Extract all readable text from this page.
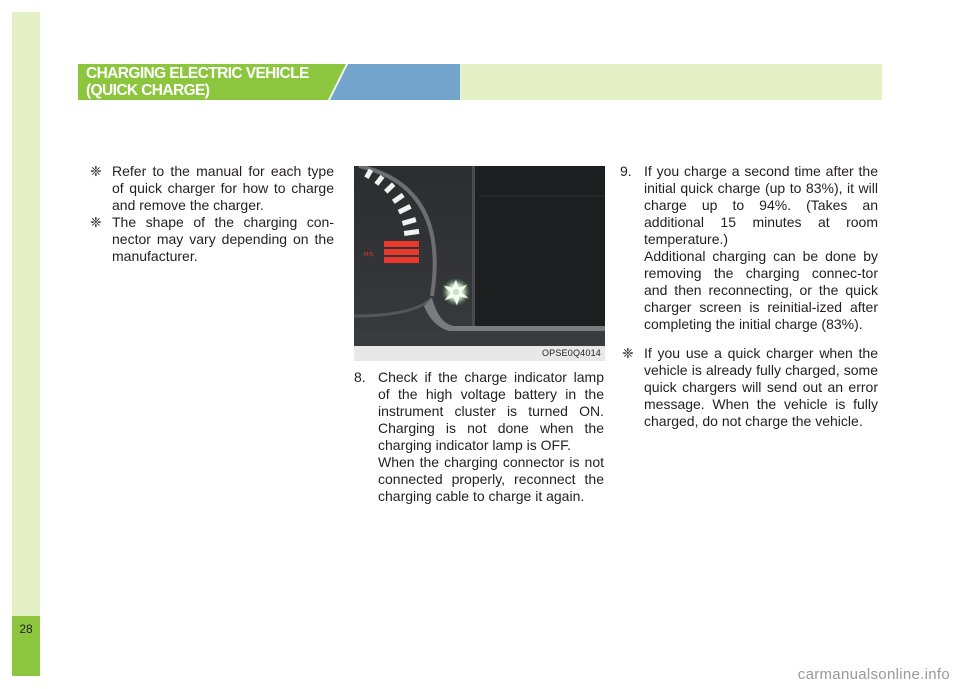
28
CHARGING ELECTRIC VEHICLE
(QUICK CHARGE)

❈ Refer to the manual for each type of quick charger for how to charge and remove the charger.

❈ The shape of the charging con-nector may vary depending on the manufacturer.	M/S
OPSE0Q4014

8. Check if the charge indicator lamp of the high voltage battery in the instrument cluster is turned ON. Charging is not done when the charging indicator lamp is OFF.

When the charging connector is not connected properly, reconnect the charging cable to charge it again.

9. If you charge a second time after the initial quick charge (up to 83%), it will charge up to 94%. (Takes an additional 15 minutes at room temperature.)

Additional charging can be done by removing the charging connec-tor and then reconnecting, or the quick charger screen is reinitial-ized after completing the initial charge (83%).

❈ If you use a quick charger when the vehicle is already fully charged, some quick chargers will send out an error message. When the vehicle is fully charged, do not charge the vehicle.

carmanualsonline.info
